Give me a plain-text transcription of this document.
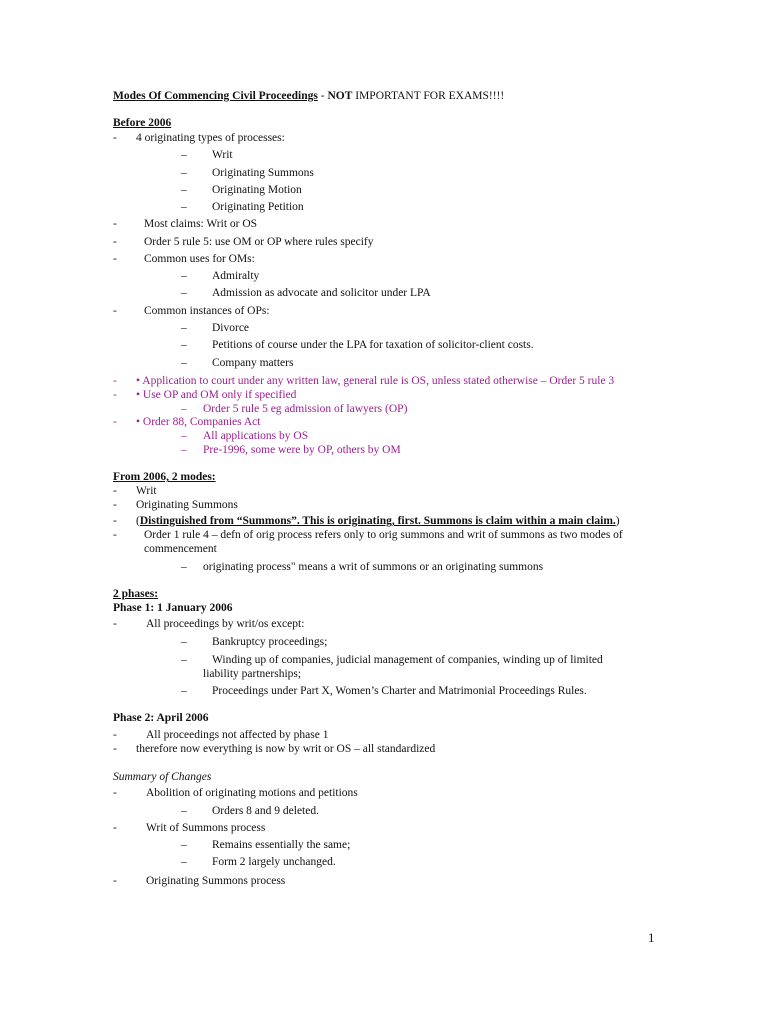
Modes Of Commencing Civil Proceedings - NOT IMPORTANT FOR EXAMS!!!!
Before 2006
- 4 originating types of processes:
– Writ
– Originating Summons
– Originating Motion
– Originating Petition
- Most claims: Writ or OS
- Order 5 rule 5: use OM or OP where rules specify
- Common uses for OMs:
– Admiralty
– Admission as advocate and solicitor under LPA
- Common instances of OPs:
– Divorce
– Petitions of course under the LPA for taxation of solicitor-client costs.
– Company matters
- • Application to court under any written law, general rule is OS, unless stated otherwise – Order 5 rule 3
- • Use OP and OM only if specified
– Order 5 rule 5 eg admission of lawyers (OP)
- • Order 88, Companies Act
– All applications by OS
– Pre-1996, some were by OP, others by OM
From 2006, 2 modes:
- Writ
- Originating Summons
- (Distinguished from “Summons”. This is originating, first. Summons is claim within a main claim.)
- Order 1 rule 4 – defn of orig process refers only to orig summons and writ of summons as two modes of
commencement
– originating process" means a writ of summons or an originating summons
2 phases:
Phase 1: 1 January 2006
-	All proceedings by writ/os except:
– Bankruptcy proceedings;
– Winding up of companies, judicial management of companies, winding up of limited
liability partnerships;
– Proceedings under Part X, Women’s Charter and Matrimonial Proceedings Rules.
Phase 2: April 2006
-	All proceedings not affected by phase 1
- therefore now everything is now by writ or OS – all standardized
Summary of Changes
-	Abolition of originating motions and petitions
– Orders 8 and 9 deleted.
-	Writ of Summons process
– Remains essentially the same;
– Form 2 largely unchanged.
-	Originating Summons process
1
